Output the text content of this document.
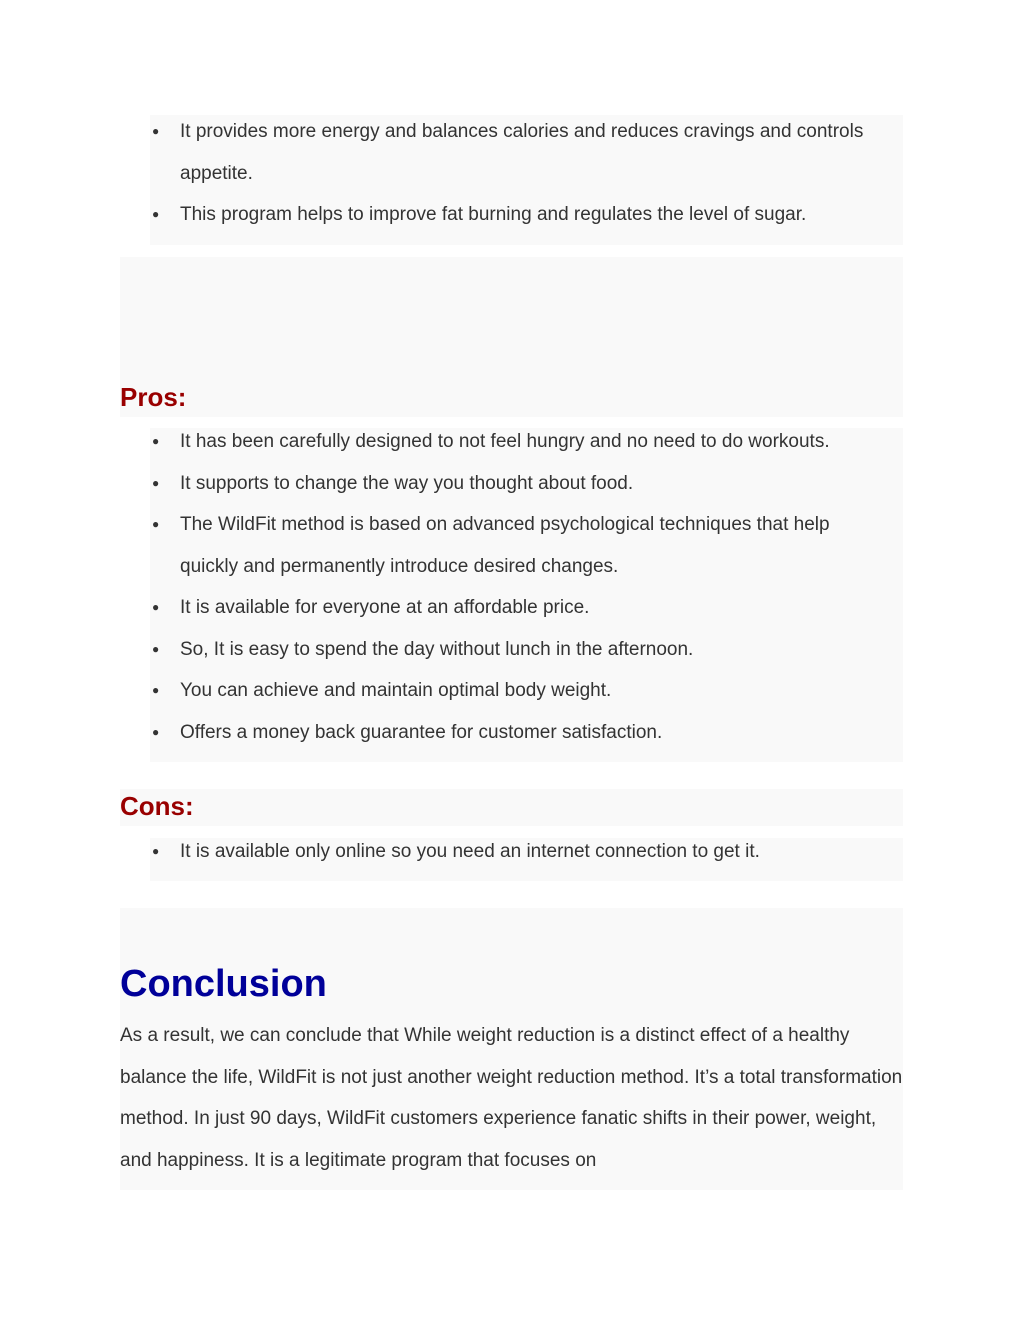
● It provides more energy and balances calories and reduces cravings and controls appetite.
● This program helps to improve fat burning and regulates the level of sugar.
Pros:
● It has been carefully designed to not feel hungry and no need to do workouts.
● It supports to change the way you thought about food.
● The WildFit method is based on advanced psychological techniques that help quickly and permanently introduce desired changes.
● It is available for everyone at an affordable price.
● So, It is easy to spend the day without lunch in the afternoon.
● You can achieve and maintain optimal body weight.
● Offers a money back guarantee for customer satisfaction.
Cons:
● It is available only online so you need an internet connection to get it.
Conclusion

As a result, we can conclude that While weight reduction is a distinct effect of a healthy balance the life, WildFit is not just another weight reduction method. It’s a total transformation method. In just 90 days, WildFit customers experience fanatic shifts in their power, weight, and happiness. It is a legitimate program that focuses on
